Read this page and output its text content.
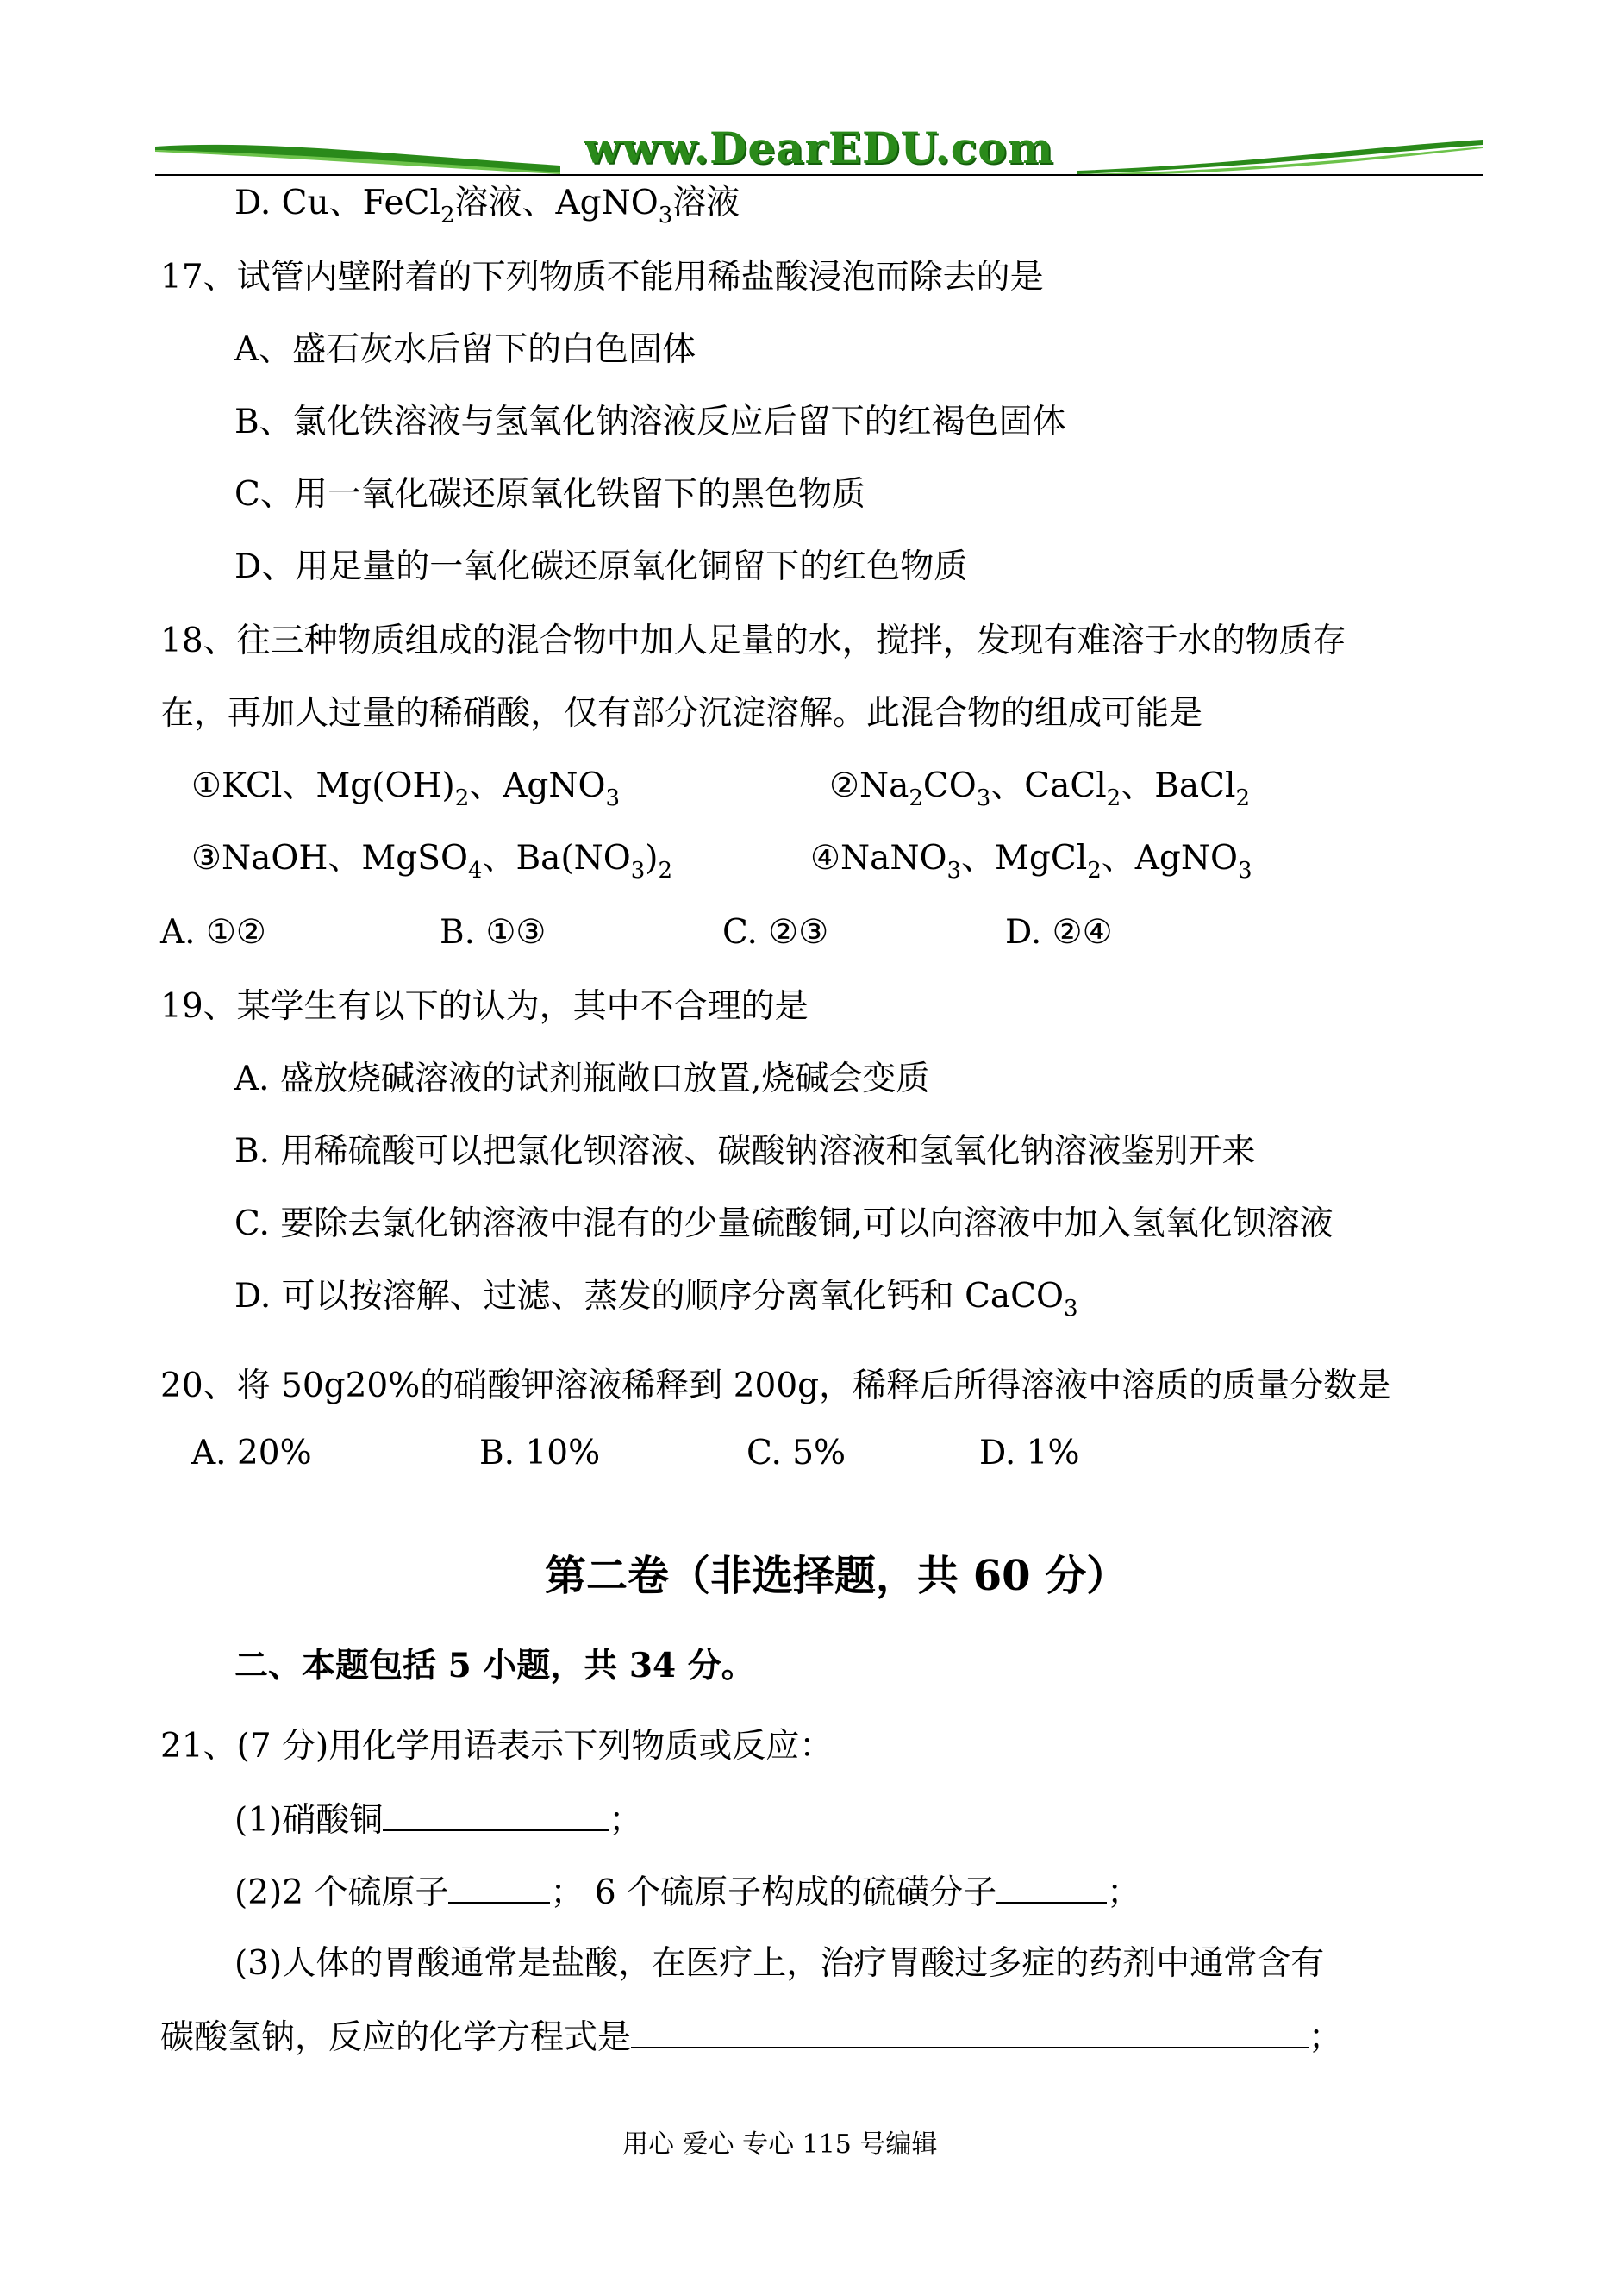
www.DearEDU.com
D. Cu、FeCl$_2$溶液、AgNO$_3$溶液
17、试管内壁附着的下列物质不能用稀盐酸浸泡而除去的是
A、盛石灰水后留下的白色固体
B、氯化铁溶液与氢氧化钠溶液反应后留下的红褐色固体
C、用一氧化碳还原氧化铁留下的黑色物质
D、用足量的一氧化碳还原氧化铜留下的红色物质
18、往三种物质组成的混合物中加人足量的水，搅拌，发现有难溶于水的物质存
在，再加人过量的稀硝酸，仅有部分沉淀溶解。此混合物的组成可能是
①KCl、$Mg(OH)_2$、AgNO$_3$	$②Na_2CO_3$、CaCl$_2$、BaCl$_2$
③NaOH、MgSO$_4$、$Ba(NO_3)_2$	④NaNO$_3$、MgCl$_2$、AgNO$_3$
A. ①②	B. ①③	C. ②③	D. ②④
19、某学生有以下的认为，其中不合理的是
A. 盛放烧碱溶液的试剂瓶敞口放置,烧碱会变质
B. 用稀硫酸可以把氯化钡溶液、碳酸钠溶液和氢氧化钠溶液鉴别开来
C. 要除去氯化钠溶液中混有的少量硫酸铜,可以向溶液中加入氢氧化钡溶液
D. 可以按溶解、过滤、蒸发的顺序分离氧化钙和 CaCO$_3$
20、将 50g20%的硝酸钾溶液稀释到 200g，稀释后所得溶液中溶质的质量分数是
A. 20%	B. 10%	C. 5%	D. 1%
第二卷（非选择题，共 60 分）
二、本题包括 5 小题，共 34 分。
21、(7 分)用化学用语表示下列物质或反应：
(1)硝酸铜	；
(2)2 个硫原子	； 6 个硫原子构成的硫磺分子	；
(3)人体的胃酸通常是盐酸，在医疗上，治疗胃酸过多症的药剂中通常含有
碳酸氢钠，反应的化学方程式是	；
用心 爱心 专心 115 号编辑
